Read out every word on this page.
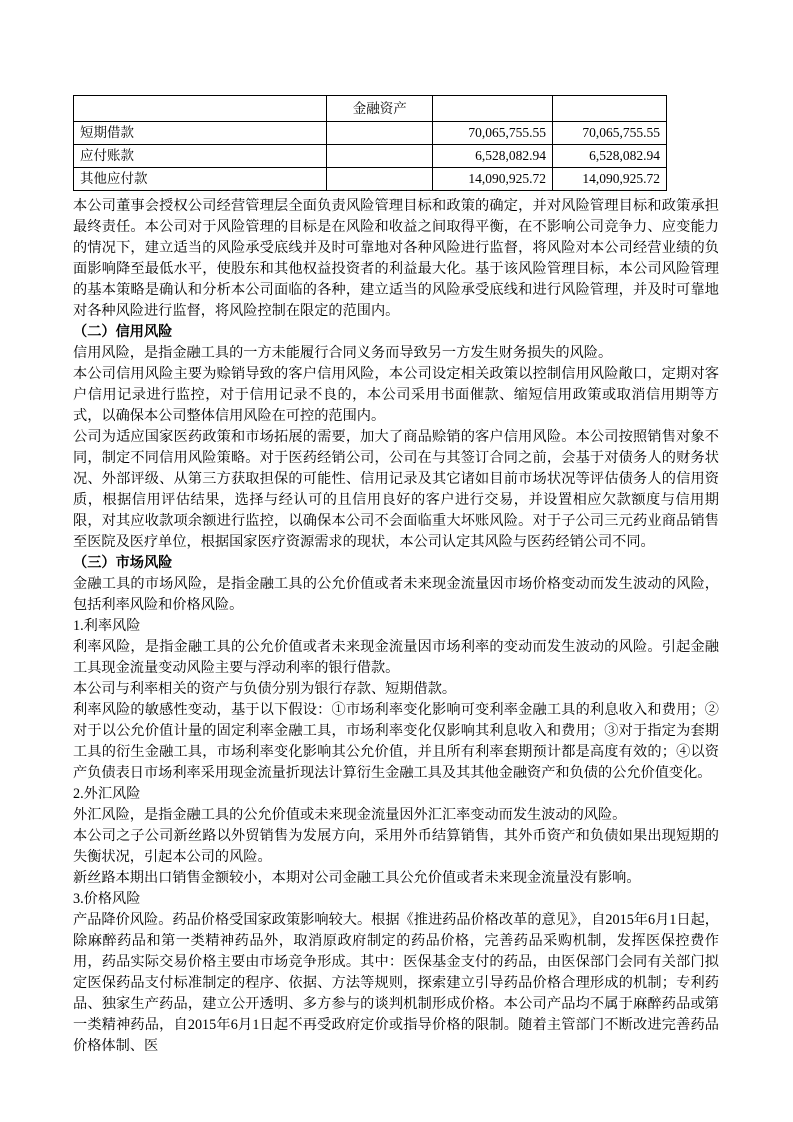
	金融资产		
短期借款		70,065,755.55	70,065,755.55
应付账款		6,528,082.94	6,528,082.94
其他应付款		14,090,925.72	14,090,925.72

本公司董事会授权公司经营管理层全面负责风险管理目标和政策的确定，并对风险管理目标和政策承担最终责任。本公司对于风险管理的目标是在风险和收益之间取得平衡，在不影响公司竞争力、应变能力的情况下，建立适当的风险承受底线并及时可靠地对各种风险进行监督，将风险对本公司经营业绩的负面影响降至最低水平，使股东和其他权益投资者的利益最大化。基于该风险管理目标，本公司风险管理的基本策略是确认和分析本公司面临的各种，建立适当的风险承受底线和进行风险管理，并及时可靠地对各种风险进行监督，将风险控制在限定的范围内。

（二）信用风险

信用风险，是指金融工具的一方未能履行合同义务而导致另一方发生财务损失的风险。

本公司信用风险主要为赊销导致的客户信用风险，本公司设定相关政策以控制信用风险敞口，定期对客户信用记录进行监控，对于信用记录不良的，本公司采用书面催款、缩短信用政策或取消信用期等方式，以确保本公司整体信用风险在可控的范围内。

公司为适应国家医药政策和市场拓展的需要，加大了商品赊销的客户信用风险。本公司按照销售对象不同，制定不同信用风险策略。对于医药经销公司，公司在与其签订合同之前，会基于对债务人的财务状况、外部评级、从第三方获取担保的可能性、信用记录及其它诸如目前市场状况等评估债务人的信用资质，根据信用评估结果，选择与经认可的且信用良好的客户进行交易，并设置相应欠款额度与信用期限，对其应收款项余额进行监控，以确保本公司不会面临重大坏账风险。对于子公司三元药业商品销售至医院及医疗单位，根据国家医疗资源需求的现状，本公司认定其风险与医药经销公司不同。

（三）市场风险

金融工具的市场风险，是指金融工具的公允价值或者未来现金流量因市场价格变动而发生波动的风险，包括利率风险和价格风险。

1.利率风险

利率风险，是指金融工具的公允价值或者未来现金流量因市场利率的变动而发生波动的风险。引起金融工具现金流量变动风险主要与浮动利率的银行借款。

本公司与利率相关的资产与负债分别为银行存款、短期借款。

利率风险的敏感性变动，基于以下假设：①市场利率变化影响可变利率金融工具的利息收入和费用；②对于以公允价值计量的固定利率金融工具，市场利率变化仅影响其利息收入和费用；③对于指定为套期工具的衍生金融工具，市场利率变化影响其公允价值，并且所有利率套期预计都是高度有效的；④以资产负债表日市场利率采用现金流量折现法计算衍生金融工具及其其他金融资产和负债的公允价值变化。

2.外汇风险

外汇风险，是指金融工具的公允价值或未来现金流量因外汇汇率变动而发生波动的风险。

本公司之子公司新丝路以外贸销售为发展方向，采用外币结算销售，其外币资产和负债如果出现短期的失衡状况，引起本公司的风险。

新丝路本期出口销售金额较小，本期对公司金融工具公允价值或者未来现金流量没有影响。

3.价格风险

产品降价风险。药品价格受国家政策影响较大。根据《推进药品价格改革的意见》，自2015年6月1日起，除麻醉药品和第一类精神药品外，取消原政府制定的药品价格，完善药品采购机制，发挥医保控费作用，药品实际交易价格主要由市场竞争形成。其中：医保基金支付的药品，由医保部门会同有关部门拟定医保药品支付标准制定的程序、依据、方法等规则，探索建立引导药品价格合理形成的机制；专利药品、独家生产药品，建立公开透明、多方参与的谈判机制形成价格。本公司产品均不属于麻醉药品或第一类精神药品，自2015年6月1日起不再受政府定价或指导价格的限制。随着主管部门不断改进完善药品价格体制、医
